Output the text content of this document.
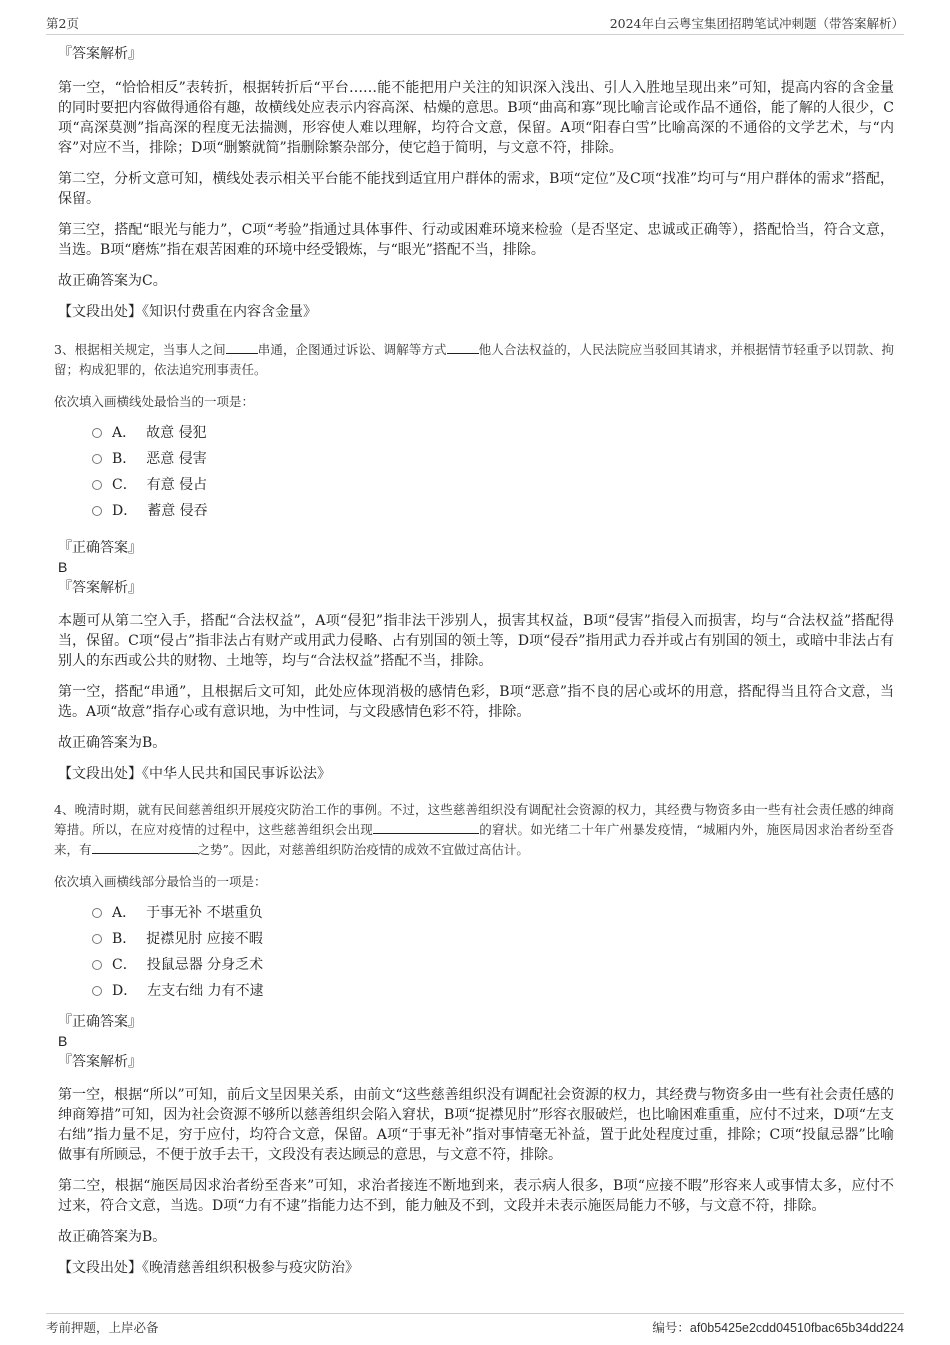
第2页	2024年白云粤宝集团招聘笔试冲刺题（带答案解析）
『答案解析』

第一空，“恰恰相反”表转折，根据转折后“平台……能不能把用户关注的知识深入浅出、引人入胜地呈现出来”可知，提高内容的含金量的同时要把内容做得通俗有趣，故横线处应表示内容高深、枯燥的意思。B项“曲高和寡”现比喻言论或作品不通俗，能了解的人很少，C项“高深莫测”指高深的程度无法揣测，形容使人难以理解，均符合文意，保留。A项“阳春白雪”比喻高深的不通俗的文学艺术，与“内容”对应不当，排除；D项“删繁就简”指删除繁杂部分，使它趋于简明，与文意不符，排除。

第二空，分析文意可知，横线处表示相关平台能不能找到适宜用户群体的需求，B项“定位”及C项“找准”均可与“用户群体的需求”搭配，保留。

第三空，搭配“眼光与能力”，C项“考验”指通过具体事件、行动或困难环境来检验（是否坚定、忠诚或正确等），搭配恰当，符合文意，当选。B项“磨炼”指在艰苦困难的环境中经受锻炼，与“眼光”搭配不当，排除。

故正确答案为C。

【文段出处】《知识付费重在内容含金量》

3、根据相关规定，当事人之间	串通，企图通过诉讼、调解等方式	他人合法权益的，人民法院应当驳回其请求，并根据情节轻重予以罚款、拘留；构成犯罪的，依法追究刑事责任。
依次填入画横线处最恰当的一项是：
A． 故意 侵犯
B． 恶意 侵害
C． 有意 侵占
D． 蓄意 侵吞
『正确答案』
B
『答案解析』

本题可从第二空入手，搭配“合法权益”，A项“侵犯”指非法干涉别人，损害其权益，B项“侵害”指侵入而损害，均与“合法权益”搭配得当，保留。C项“侵占”指非法占有财产或用武力侵略、占有别国的领土等，D项“侵吞”指用武力吞并或占有别国的领土，或暗中非法占有别人的东西或公共的财物、土地等，均与“合法权益”搭配不当，排除。

第一空，搭配“串通”，且根据后文可知，此处应体现消极的感情色彩，B项“恶意”指不良的居心或坏的用意，搭配得当且符合文意，当选。A项“故意”指存心或有意识地，为中性词，与文段感情色彩不符，排除。

故正确答案为B。

【文段出处】《中华人民共和国民事诉讼法》

4、晚清时期，就有民间慈善组织开展疫灾防治工作的事例。不过，这些慈善组织没有调配社会资源的权力，其经费与物资多由一些有社会责任感的绅商筹措。所以，在应对疫情的过程中，这些慈善组织会出现	的窘状。如光绪二十年广州暴发疫情，“城厢内外，施医局因求治者纷至沓来，有	之势”。因此，对慈善组织防治疫情的成效不宜做过高估计。
依次填入画横线部分最恰当的一项是：
A． 于事无补 不堪重负
B． 捉襟见肘 应接不暇
C． 投鼠忌器 分身乏术
D． 左支右绌 力有不逮
『正确答案』
B
『答案解析』

第一空，根据“所以”可知，前后文呈因果关系，由前文“这些慈善组织没有调配社会资源的权力，其经费与物资多由一些有社会责任感的绅商筹措”可知，因为社会资源不够所以慈善组织会陷入窘状，B项“捉襟见肘”形容衣服破烂，也比喻困难重重，应付不过来，D项“左支右绌”指力量不足，穷于应付，均符合文意，保留。A项“于事无补”指对事情毫无补益，置于此处程度过重，排除；C项“投鼠忌器”比喻做事有所顾忌，不便于放手去干，文段没有表达顾忌的意思，与文意不符，排除。

第二空，根据“施医局因求治者纷至沓来”可知，求治者接连不断地到来，表示病人很多，B项“应接不暇”形容来人或事情太多，应付不过来，符合文意，当选。D项“力有不逮”指能力达不到，能力触及不到，文段并未表示施医局能力不够，与文意不符，排除。

故正确答案为B。

【文段出处】《晚清慈善组织积极参与疫灾防治》

考前押题，上岸必备	编号：af0b5425e2cdd04510fbac65b34dd224
